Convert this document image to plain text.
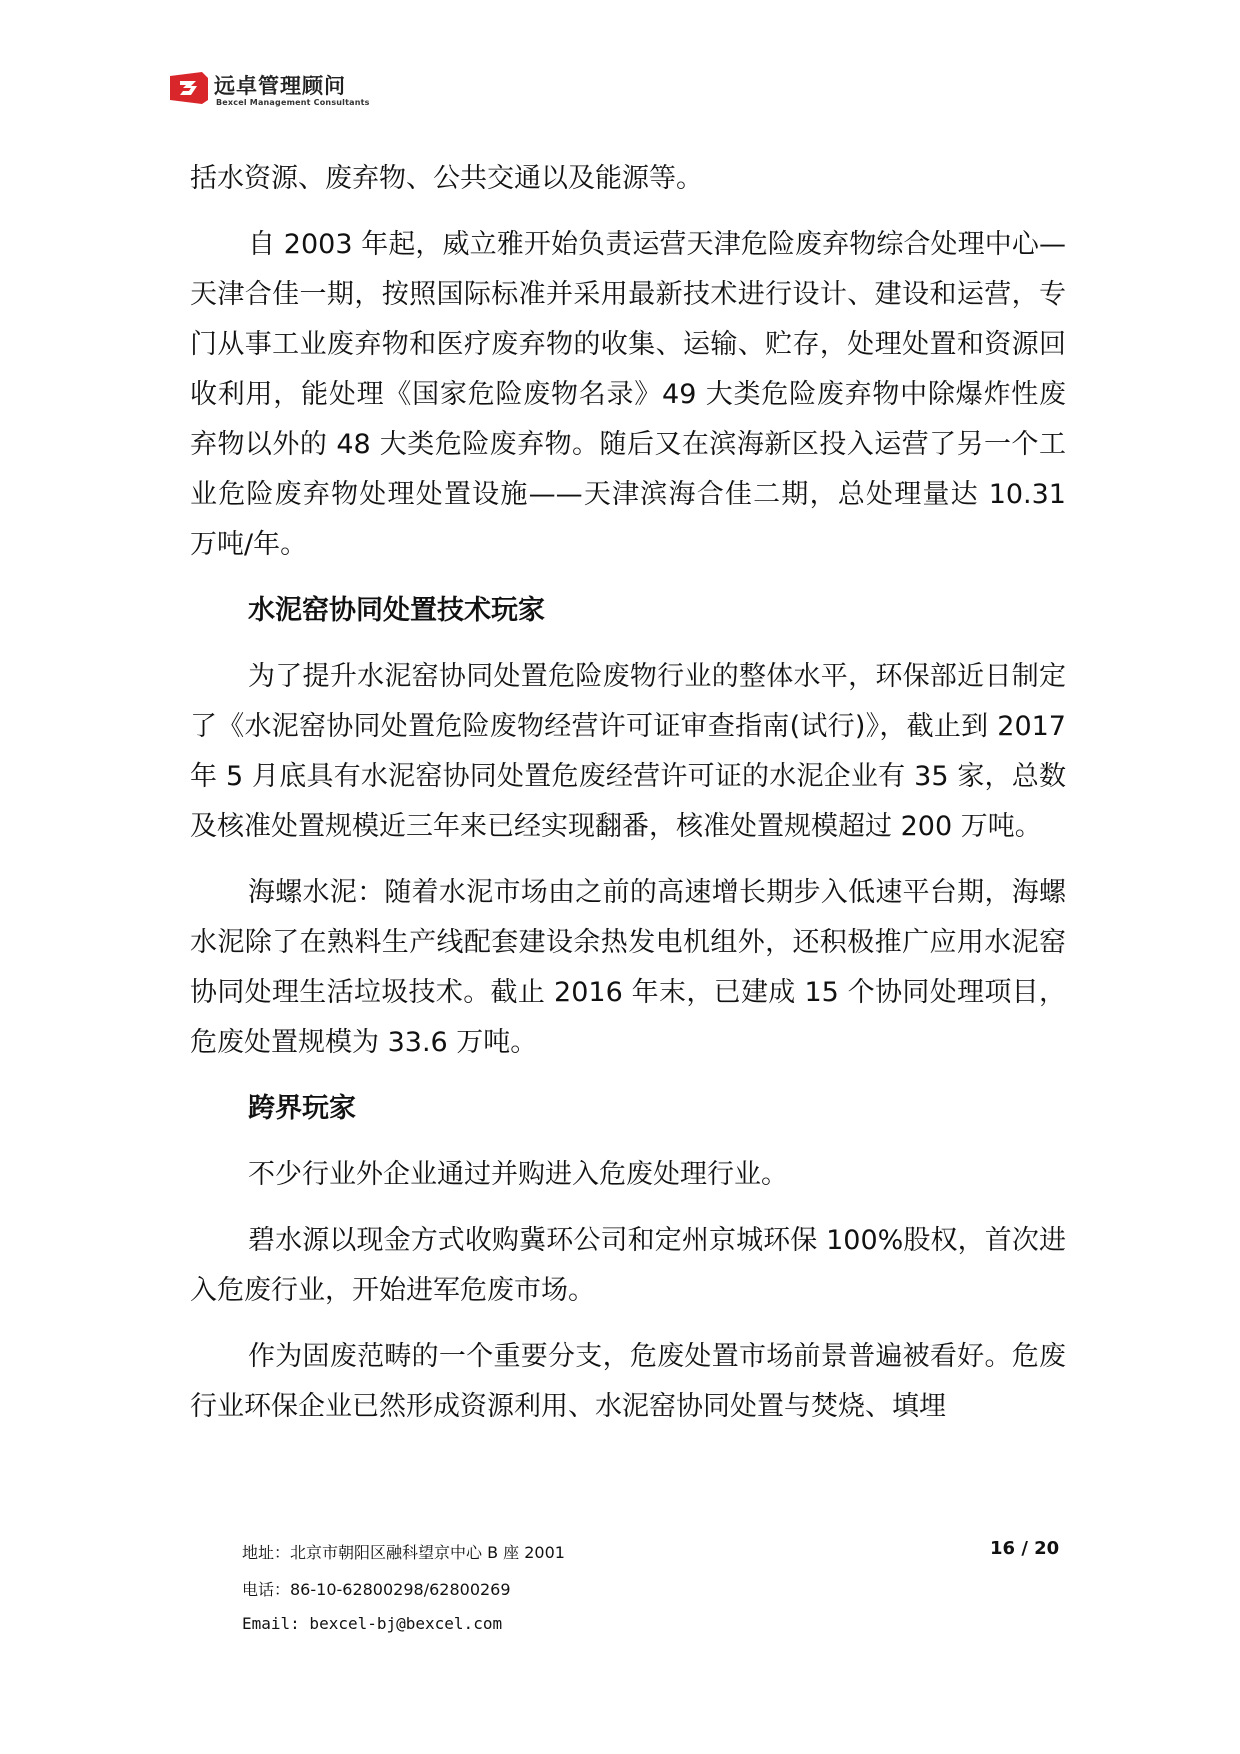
远卓管理顾问
Bexcel Management Consultants

括水资源、废弃物、公共交通以及能源等。

自 2003 年起，威立雅开始负责运营天津危险废弃物综合处理中心—天津合佳一期，按照国际标准并采用最新技术进行设计、建设和运营，专门从事工业废弃物和医疗废弃物的收集、运输、贮存，处理处置和资源回收利用，能处理《国家危险废物名录》49 大类危险废弃物中除爆炸性废弃物以外的 48 大类危险废弃物。随后又在滨海新区投入运营了另一个工业危险废弃物处理处置设施——天津滨海合佳二期，总处理量达 10.31 万吨/年。

水泥窑协同处置技术玩家

为了提升水泥窑协同处置危险废物行业的整体水平，环保部近日制定了《水泥窑协同处置危险废物经营许可证审查指南(试行)》，截止到 2017 年 5 月底具有水泥窑协同处置危废经营许可证的水泥企业有 35 家，总数及核准处置规模近三年来已经实现翻番，核准处置规模超过 200 万吨。

海螺水泥：随着水泥市场由之前的高速增长期步入低速平台期，海螺水泥除了在熟料生产线配套建设余热发电机组外，还积极推广应用水泥窑协同处理生活垃圾技术。截止 2016 年末，已建成 15 个协同处理项目，危废处置规模为 33.6 万吨。

跨界玩家

不少行业外企业通过并购进入危废处理行业。

碧水源以现金方式收购冀环公司和定州京城环保 100%股权，首次进入危废行业，开始进军危废市场。

作为固废范畴的一个重要分支，危废处置市场前景普遍被看好。危废行业环保企业已然形成资源利用、水泥窑协同处置与焚烧、填埋

地址：北京市朝阳区融科望京中心 B 座 2001
电话：86-10-62800298/62800269
Email: bexcel-bj@bexcel.com
16 / 20
